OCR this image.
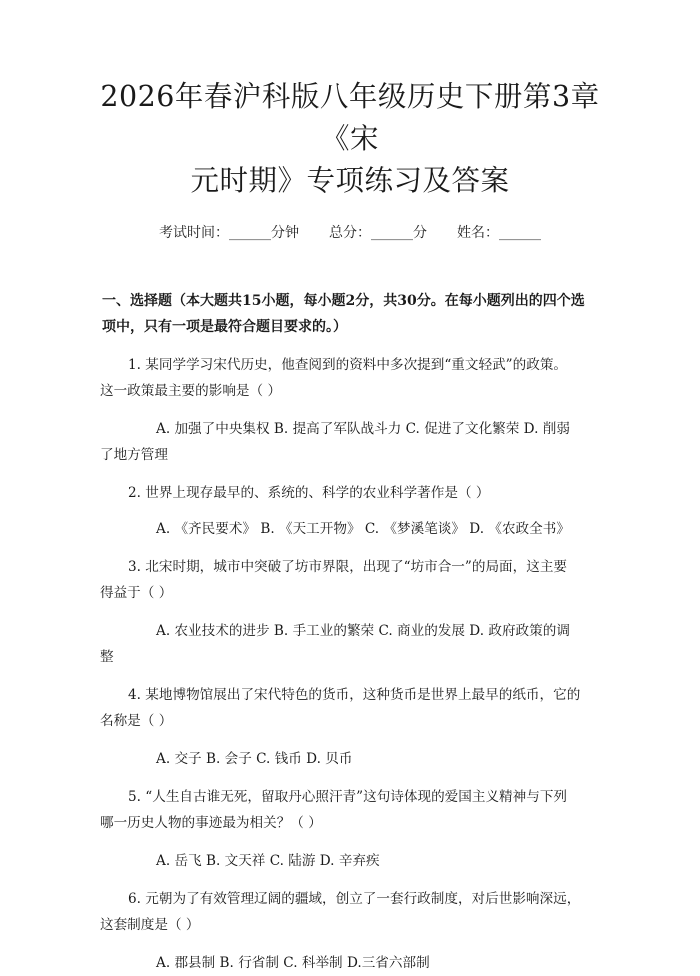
2026年春沪科版八年级历史下册第3章《宋
元时期》专项练习及答案
考试时间：______分钟 总分：______分 姓名：______
一、选择题（本大题共15小题，每小题2分，共30分。在每小题列出的四个选
项中，只有一项是最符合题目要求的。）
1. 某同学学习宋代历史，他查阅到的资料中多次提到“重文轻武”的政策。
这一政策最主要的影响是（ ）
A. 加强了中央集权 B. 提高了军队战斗力 C. 促进了文化繁荣 D. 削弱
了地方管理
2. 世界上现存最早的、系统的、科学的农业科学著作是（ ）
A. 《齐民要术》 B. 《天工开物》 C. 《梦溪笔谈》 D. 《农政全书》
3. 北宋时期，城市中突破了坊市界限，出现了“坊市合一”的局面，这主要
得益于（ ）
A. 农业技术的进步 B. 手工业的繁荣 C. 商业的发展 D. 政府政策的调
整
4. 某地博物馆展出了宋代特色的货币，这种货币是世界上最早的纸币，它的
名称是（ ）
A. 交子 B. 会子 C. 钱币 D. 贝币
5. “人生自古谁无死，留取丹心照汗青”这句诗体现的爱国主义精神与下列
哪一历史人物的事迹最为相关？（ ）
A. 岳飞 B. 文天祥 C. 陆游 D. 辛弃疾
6. 元朝为了有效管理辽阔的疆域，创立了一套行政制度，对后世影响深远，
这套制度是（ ）
A. 郡县制 B. 行省制 C. 科举制 D.三省六部制
